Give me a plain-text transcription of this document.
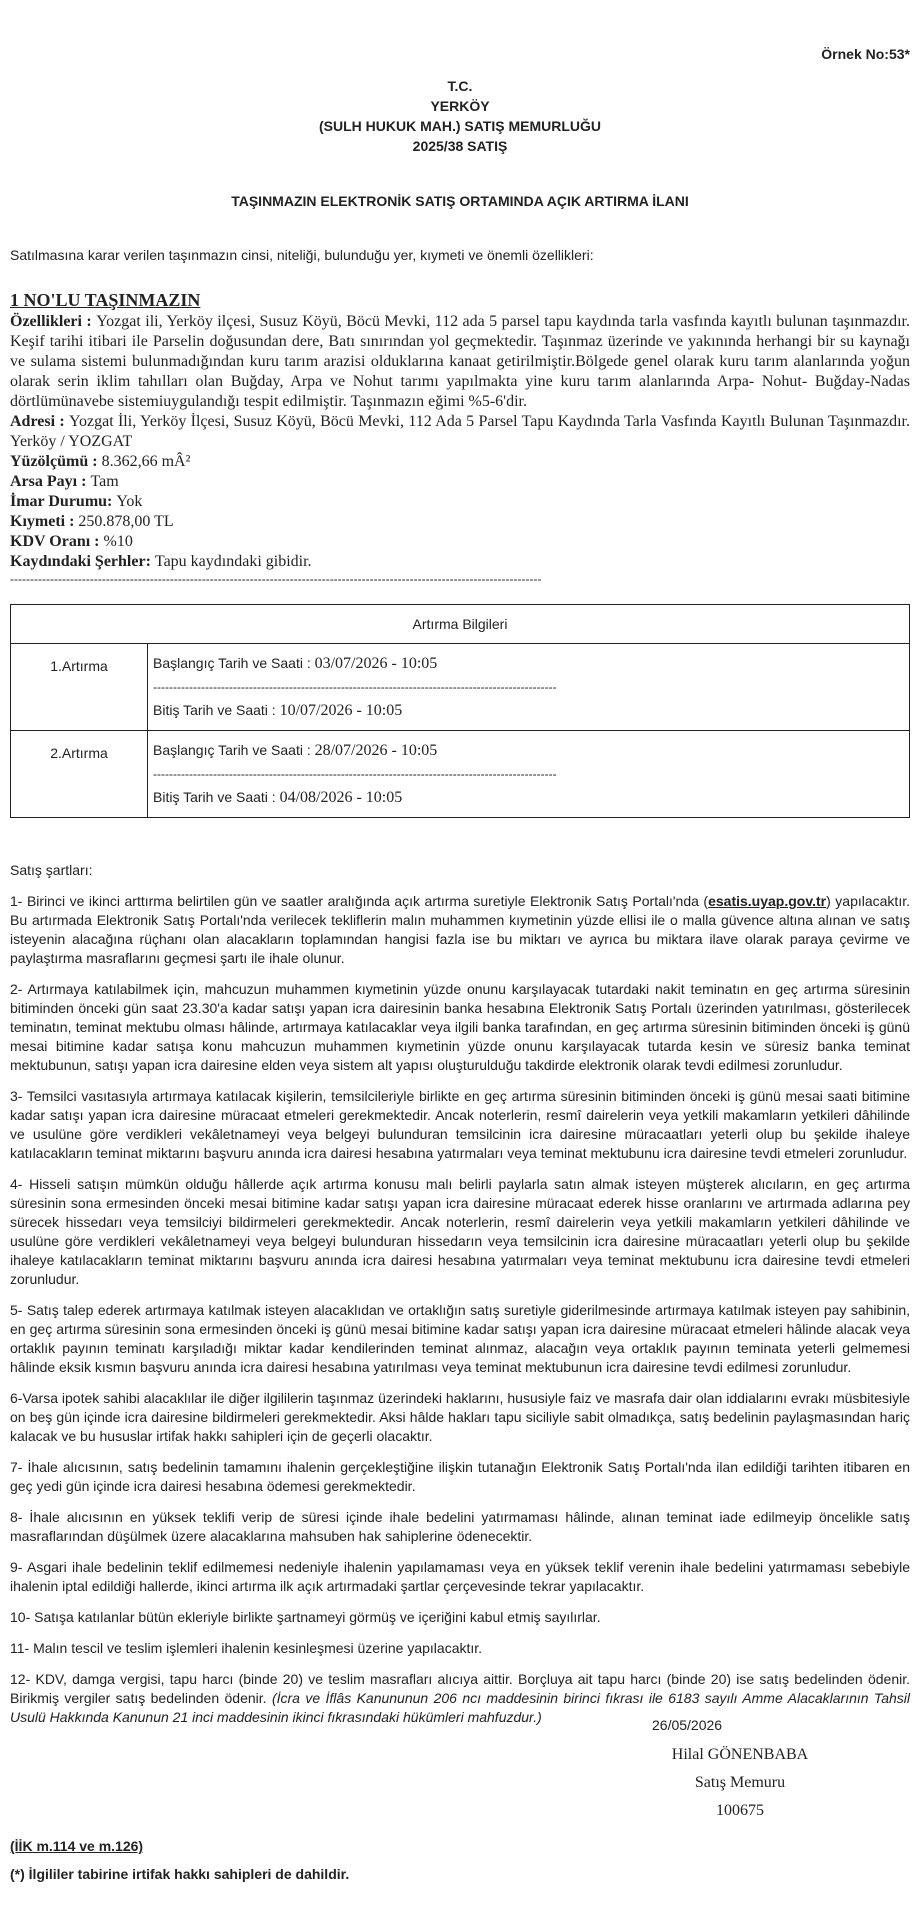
Örnek No:53*
T.C.
YERKÖY
(SULH HUKUK MAH.) SATIŞ MEMURLUĞU
2025/38 SATIŞ
TAŞINMAZIN ELEKTRONİK SATIŞ ORTAMINDA AÇIK ARTIRMA İLANI
Satılmasına karar verilen taşınmazın cinsi, niteliği, bulunduğu yer, kıymeti ve önemli özellikleri:
1 NO'LU TAŞINMAZIN
Özellikleri : Yozgat ili, Yerköy ilçesi, Susuz Köyü, Böcü Mevki, 112 ada 5 parsel tapu kaydında tarla vasfında kayıtlı bulunan taşınmazdır. Keşif tarihi itibari ile Parselin doğusundan dere, Batı sınırından yol geçmektedir. Taşınmaz üzerinde ve yakınında herhangi bir su kaynağı ve sulama sistemi bulunmadığından kuru tarım arazisi olduklarına kanaat getirilmiştir.Bölgede genel olarak kuru tarım alanlarında yoğun olarak serin iklim tahılları olan Buğday, Arpa ve Nohut tarımı yapılmakta yine kuru tarım alanlarında Arpa- Nohut- Buğday-Nadas dörtlümünavebe sistemiuygulandığı tespit edilmiştir. Taşınmazın eğimi %5-6'dir.
Adresi : Yozgat İli, Yerköy İlçesi, Susuz Köyü, Böcü Mevki, 112 Ada 5 Parsel Tapu Kaydında Tarla Vasfında Kayıtlı Bulunan Taşınmazdır. Yerköy / YOZGAT
Yüzölçümü : 8.362,66 mÂ²
Arsa Payı : Tam
İmar Durumu: Yok
Kıymeti : 250.878,00 TL
KDV Oranı : %10
Kaydındaki Şerhler: Tapu kaydındaki gibidir.
-------------------------------------------------------------------------------------------------------------------------------------
Artırma Bilgileri	
1.Artırma	Başlangıç Tarih ve Saati : 03/07/2026 - 10:05
-----------------------------------------------------------------------------------------------------
Bitiş Tarih ve Saati : 10/07/2026 - 10:05

2.Artırma	Başlangıç Tarih ve Saati : 28/07/2026 - 10:05
-----------------------------------------------------------------------------------------------------
Bitiş Tarih ve Saati : 04/08/2026 - 10:05

Satış şartları:

1- Birinci ve ikinci arttırma belirtilen gün ve saatler aralığında açık artırma suretiyle Elektronik Satış Portalı'nda (esatis.uyap.gov.tr) yapılacaktır. Bu artırmada Elektronik Satış Portalı'nda verilecek tekliflerin malın muhammen kıymetinin yüzde ellisi ile o malla güvence altına alınan ve satış isteyenin alacağına rüçhanı olan alacakların toplamından hangisi fazla ise bu miktarı ve ayrıca bu miktara ilave olarak paraya çevirme ve paylaştırma masraflarını geçmesi şartı ile ihale olunur.

2- Artırmaya katılabilmek için, mahcuzun muhammen kıymetinin yüzde onunu karşılayacak tutardaki nakit teminatın en geç artırma süresinin bitiminden önceki gün saat 23.30'a kadar satışı yapan icra dairesinin banka hesabına Elektronik Satış Portalı üzerinden yatırılması, gösterilecek teminatın, teminat mektubu olması hâlinde, artırmaya katılacaklar veya ilgili banka tarafından, en geç artırma süresinin bitiminden önceki iş günü mesai bitimine kadar satışa konu mahcuzun muhammen kıymetinin yüzde onunu karşılayacak tutarda kesin ve süresiz banka teminat mektubunun, satışı yapan icra dairesine elden veya sistem alt yapısı oluşturulduğu takdirde elektronik olarak tevdi edilmesi zorunludur.

3- Temsilci vasıtasıyla artırmaya katılacak kişilerin, temsilcileriyle birlikte en geç artırma süresinin bitiminden önceki iş günü mesai saati bitimine kadar satışı yapan icra dairesine müracaat etmeleri gerekmektedir. Ancak noterlerin, resmî dairelerin veya yetkili makamların yetkileri dâhilinde ve usulüne göre verdikleri vekâletnameyi veya belgeyi bulunduran temsilcinin icra dairesine müracaatları yeterli olup bu şekilde ihaleye katılacakların teminat miktarını başvuru anında icra dairesi hesabına yatırmaları veya teminat mektubunu icra dairesine tevdi etmeleri zorunludur.

4- Hisseli satışın mümkün olduğu hâllerde açık artırma konusu malı belirli paylarla satın almak isteyen müşterek alıcıların, en geç artırma süresinin sona ermesinden önceki mesai bitimine kadar satışı yapan icra dairesine müracaat ederek hisse oranlarını ve artırmada adlarına pey sürecek hissedarı veya temsilciyi bildirmeleri gerekmektedir. Ancak noterlerin, resmî dairelerin veya yetkili makamların yetkileri dâhilinde ve usulüne göre verdikleri vekâletnameyi veya belgeyi bulunduran hissedarın veya temsilcinin icra dairesine müracaatları yeterli olup bu şekilde ihaleye katılacakların teminat miktarını başvuru anında icra dairesi hesabına yatırmaları veya teminat mektubunu icra dairesine tevdi etmeleri zorunludur.

5- Satış talep ederek artırmaya katılmak isteyen alacaklıdan ve ortaklığın satış suretiyle giderilmesinde artırmaya katılmak isteyen pay sahibinin, en geç artırma süresinin sona ermesinden önceki iş günü mesai bitimine kadar satışı yapan icra dairesine müracaat etmeleri hâlinde alacak veya ortaklık payının teminatı karşıladığı miktar kadar kendilerinden teminat alınmaz, alacağın veya ortaklık payının teminata yeterli gelmemesi hâlinde eksik kısmın başvuru anında icra dairesi hesabına yatırılması veya teminat mektubunun icra dairesine tevdi edilmesi zorunludur.

6-Varsa ipotek sahibi alacaklılar ile diğer ilgililerin taşınmaz üzerindeki haklarını, hususiyle faiz ve masrafa dair olan iddialarını evrakı müsbitesiyle on beş gün içinde icra dairesine bildirmeleri gerekmektedir. Aksi hâlde hakları tapu siciliyle sabit olmadıkça, satış bedelinin paylaşmasından hariç kalacak ve bu hususlar irtifak hakkı sahipleri için de geçerli olacaktır.

7- İhale alıcısının, satış bedelinin tamamını ihalenin gerçekleştiğine ilişkin tutanağın Elektronik Satış Portalı'nda ilan edildiği tarihten itibaren en geç yedi gün içinde icra dairesi hesabına ödemesi gerekmektedir.

8- İhale alıcısının en yüksek teklifi verip de süresi içinde ihale bedelini yatırmaması hâlinde, alınan teminat iade edilmeyip öncelikle satış masraflarından düşülmek üzere alacaklarına mahsuben hak sahiplerine ödenecektir.

9- Asgari ihale bedelinin teklif edilmemesi nedeniyle ihalenin yapılamaması veya en yüksek teklif verenin ihale bedelini yatırmaması sebebiyle ihalenin iptal edildiği hallerde, ikinci artırma ilk açık artırmadaki şartlar çerçevesinde tekrar yapılacaktır.

10- Satışa katılanlar bütün ekleriyle birlikte şartnameyi görmüş ve içeriğini kabul etmiş sayılırlar.

11- Malın tescil ve teslim işlemleri ihalenin kesinleşmesi üzerine yapılacaktır.

12- KDV, damga vergisi, tapu harcı (binde 20) ve teslim masrafları alıcıya aittir. Borçluya ait tapu harcı (binde 20) ise satış bedelinden ödenir. Birikmiş vergiler satış bedelinden ödenir. (İcra ve İflâs Kanununun 206 ncı maddesinin birinci fıkrası ile 6183 sayılı Amme Alacaklarının Tahsil Usulü Hakkında Kanunun 21 inci maddesinin ikinci fıkrasındaki hükümleri mahfuzdur.)	26/05/2026
Hilal GÖNENBABA
Satış Memuru
100675
(İİK m.114 ve m.126)
(*) İlgililer tabirine irtifak hakkı sahipleri de dahildir.
